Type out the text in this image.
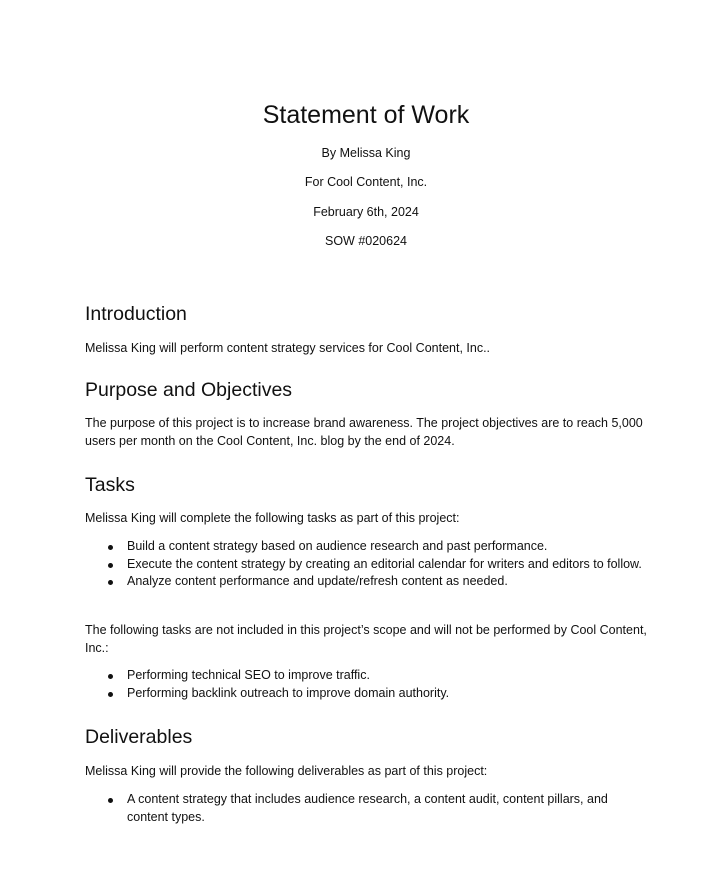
Statement of Work

By Melissa King

For Cool Content, Inc.

February 6th, 2024

SOW #020624

Introduction

Melissa King will perform content strategy services for Cool Content, Inc..

Purpose and Objectives

The purpose of this project is to increase brand awareness. The project objectives are to reach 5,000 users per month on the Cool Content, Inc. blog by the end of 2024.

Tasks

Melissa King will complete the following tasks as part of this project:

Build a content strategy based on audience research and past performance.
Execute the content strategy by creating an editorial calendar for writers and editors to follow.
Analyze content performance and update/refresh content as needed.

The following tasks are not included in this project’s scope and will not be performed by Cool Content, Inc.:

Performing technical SEO to improve traffic.
Performing backlink outreach to improve domain authority.
Deliverables

Melissa King will provide the following deliverables as part of this project:

A content strategy that includes audience research, a content audit, content pillars, and content types.
